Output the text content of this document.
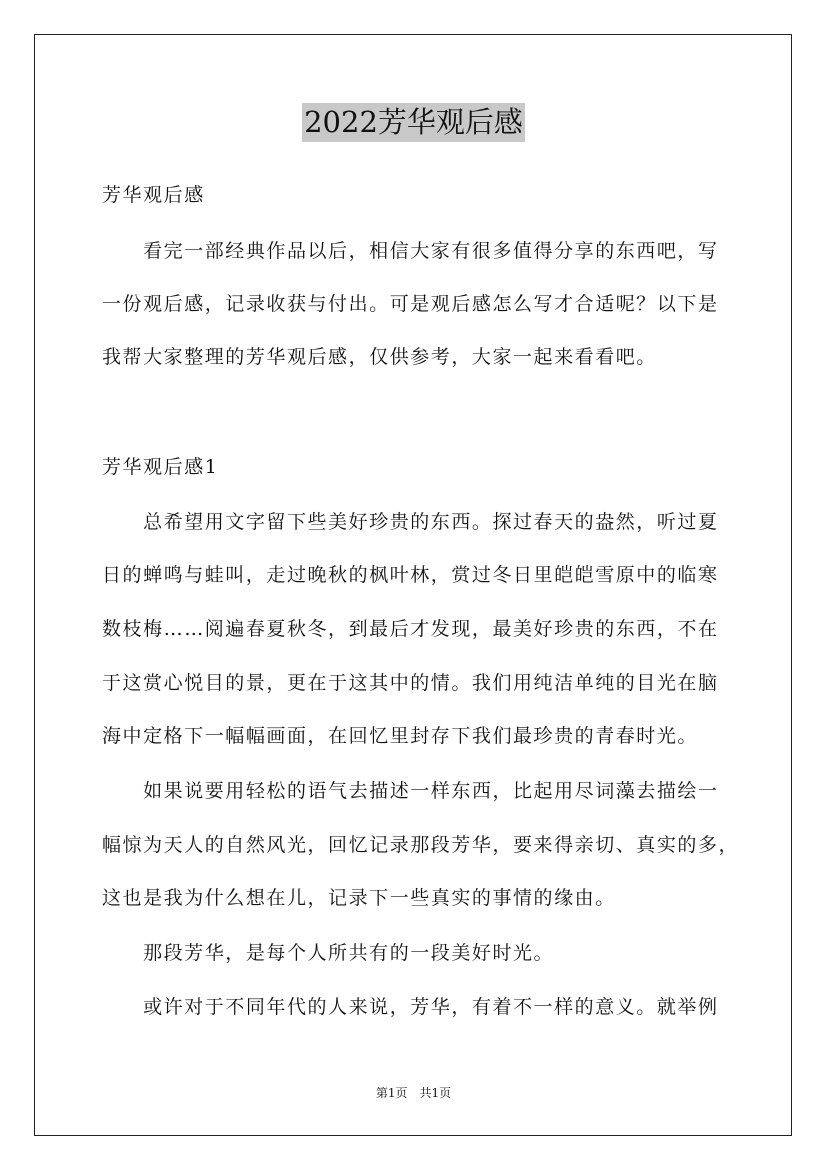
2022芳华观后感

芳华观后感

　　看完一部经典作品以后，相信大家有很多值得分享的东西吧，写

一份观后感，记录收获与付出。可是观后感怎么写才合适呢？以下是

我帮大家整理的芳华观后感，仅供参考，大家一起来看看吧。

芳华观后感1

　　总希望用文字留下些美好珍贵的东西。探过春天的盎然，听过夏

日的蝉鸣与蛙叫，走过晚秋的枫叶林，赏过冬日里皑皑雪原中的临寒

数枝梅……阅遍春夏秋冬，到最后才发现，最美好珍贵的东西，不在

于这赏心悦目的景，更在于这其中的情。我们用纯洁单纯的目光在脑

海中定格下一幅幅画面，在回忆里封存下我们最珍贵的青春时光。

　　如果说要用轻松的语气去描述一样东西，比起用尽词藻去描绘一

幅惊为天人的自然风光，回忆记录那段芳华，要来得亲切、真实的多，

这也是我为什么想在儿，记录下一些真实的事情的缘由。

　　那段芳华，是每个人所共有的一段美好时光。

　　或许对于不同年代的人来说，芳华，有着不一样的意义。就举例

第1页　共1页
